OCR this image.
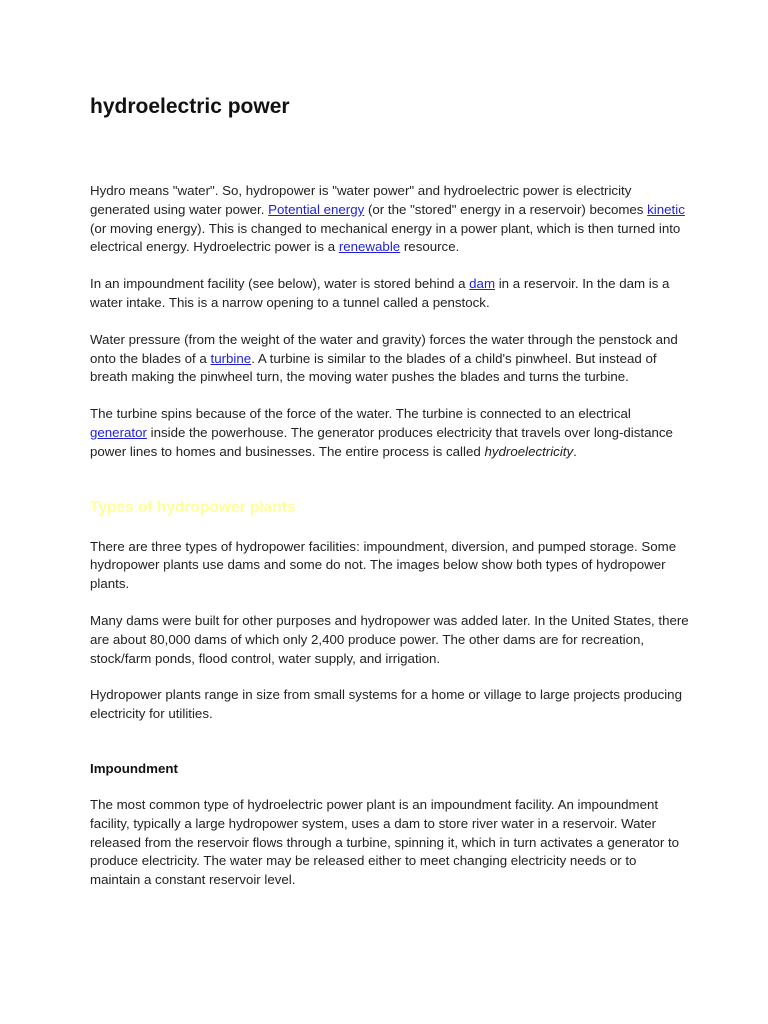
hydroelectric power

Hydro means "water". So, hydropower is "water power" and hydroelectric power is electricity generated using water power. Potential energy (or the "stored" energy in a reservoir) becomes kinetic (or moving energy). This is changed to mechanical energy in a power plant, which is then turned into electrical energy. Hydroelectric power is a renewable resource.

In an impoundment facility (see below), water is stored behind a dam in a reservoir. In the dam is a water intake. This is a narrow opening to a tunnel called a penstock.

Water pressure (from the weight of the water and gravity) forces the water through the penstock and onto the blades of a turbine. A turbine is similar to the blades of a child's pinwheel. But instead of breath making the pinwheel turn, the moving water pushes the blades and turns the turbine.

The turbine spins because of the force of the water. The turbine is connected to an electrical generator inside the powerhouse. The generator produces electricity that travels over long-distance power lines to homes and businesses. The entire process is called hydroelectricity.

Types of hydropower plants

There are three types of hydropower facilities: impoundment, diversion, and pumped storage. Some hydropower plants use dams and some do not. The images below show both types of hydropower plants.

Many dams were built for other purposes and hydropower was added later. In the United States, there are about 80,000 dams of which only 2,400 produce power. The other dams are for recreation, stock/farm ponds, flood control, water supply, and irrigation.

Hydropower plants range in size from small systems for a home or village to large projects producing electricity for utilities.

Impoundment

The most common type of hydroelectric power plant is an impoundment facility. An impoundment facility, typically a large hydropower system, uses a dam to store river water in a reservoir. Water released from the reservoir flows through a turbine, spinning it, which in turn activates a generator to produce electricity. The water may be released either to meet changing electricity needs or to maintain a constant reservoir level.
